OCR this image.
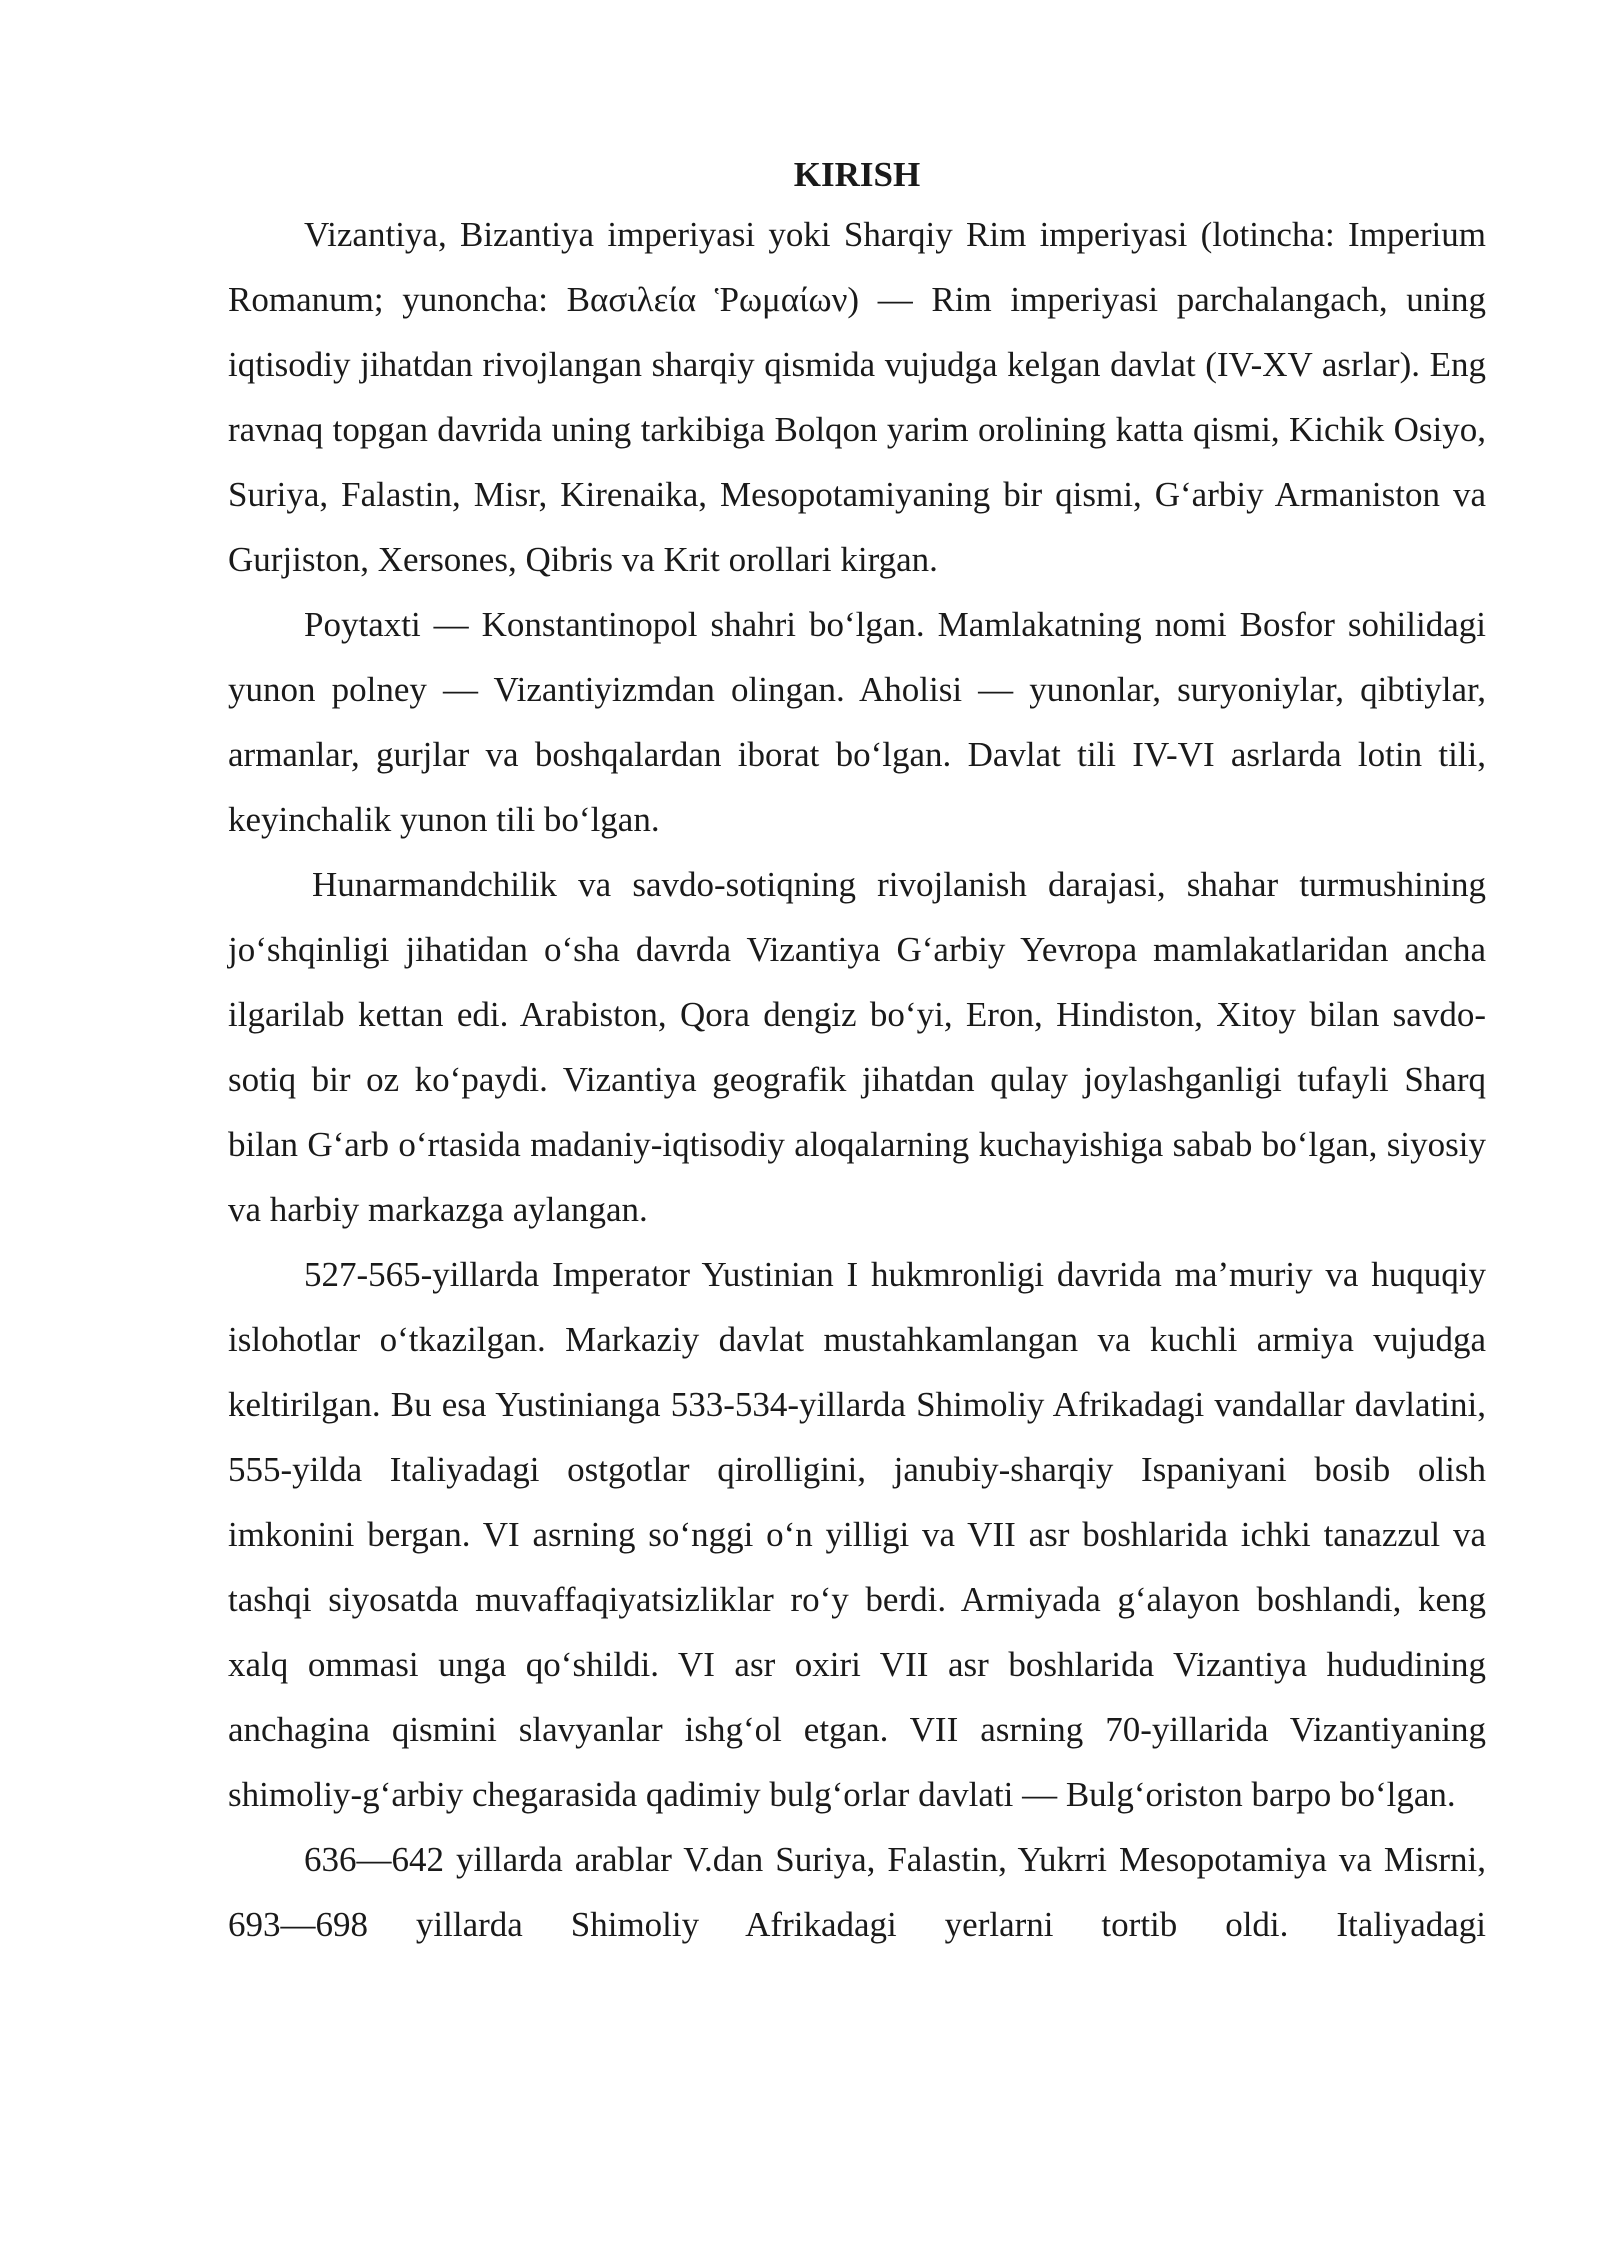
KIRISH

Vizantiya, Bizantiya imperiyasi yoki Sharqiy Rim imperiyasi (lotincha: Imperium Romanum; yunoncha: Βασιλεία Ῥωμαίων) — Rim imperiyasi parchalangach, uning iqtisodiy jihatdan rivojlangan sharqiy qismida vujudga kelgan davlat (IV-XV asrlar). Eng ravnaq topgan davrida uning tarkibiga Bolqon yarim orolining katta qismi, Kichik Osiyo, Suriya, Falastin, Misr, Kirenaika, Mesopotamiyaning bir qismi, Gʻarbiy Armaniston va Gurjiston, Xersones, Qibris va Krit orollari kirgan.

Poytaxti — Konstantinopol shahri boʻlgan. Mamlakatning nomi Bosfor sohilidagi yunon polney — Vizantiyizmdan olingan. Aholisi — yunonlar, suryoniylar, qibtiylar, armanlar, gurjlar va boshqalardan iborat boʻlgan. Davlat tili IV-VI asrlarda lotin tili, keyinchalik yunon tili boʻlgan.

Hunarmandchilik va savdo-sotiqning rivojlanish darajasi, shahar turmushining joʻshqinligi jihatidan oʻsha davrda Vizantiya Gʻarbiy Yevropa mamlakatlaridan ancha ilgarilab kettan edi. Arabiston, Qora dengiz boʻyi, Eron, Hindiston, Xitoy bilan savdo-sotiq bir oz koʻpaydi. Vizantiya geografik jihatdan qulay joylashganligi tufayli Sharq bilan Gʻarb oʻrtasida madaniy-iqtisodiy aloqalarning kuchayishiga sabab boʻlgan, siyosiy va harbiy markazga aylangan.

527-565-yillarda Imperator Yustinian I hukmronligi davrida maʼmuriy va huquqiy islohotlar oʻtkazilgan. Markaziy davlat mustahkamlangan va kuchli armiya vujudga keltirilgan. Bu esa Yustinianga 533-534-yillarda Shimoliy Afrikadagi vandallar davlatini, 555-yilda Italiyadagi ostgotlar qirolligini, janubiy-sharqiy Ispaniyani bosib olish imkonini bergan. VI asrning soʻnggi oʻn yilligi va VII asr boshlarida ichki tanazzul va tashqi siyosatda muvaffaqiyatsizliklar roʻy berdi. Armiyada gʻalayon boshlandi, keng xalq ommasi unga qoʻshildi. VI asr oxiri VII asr boshlarida Vizantiya hududining anchagina qismini slavyanlar ishgʻol etgan. VII asrning 70-yillarida Vizantiyaning shimoliy-gʻarbiy chegarasida qadimiy bulgʻorlar davlati — Bulgʻoriston barpo boʻlgan.

636—642 yillarda arablar V.dan Suriya, Falastin, Yukrri Mesopotamiya va Misrni, 693—698 yillarda Shimoliy Afrikadagi yerlarni tortib oldi. Italiyadagi
